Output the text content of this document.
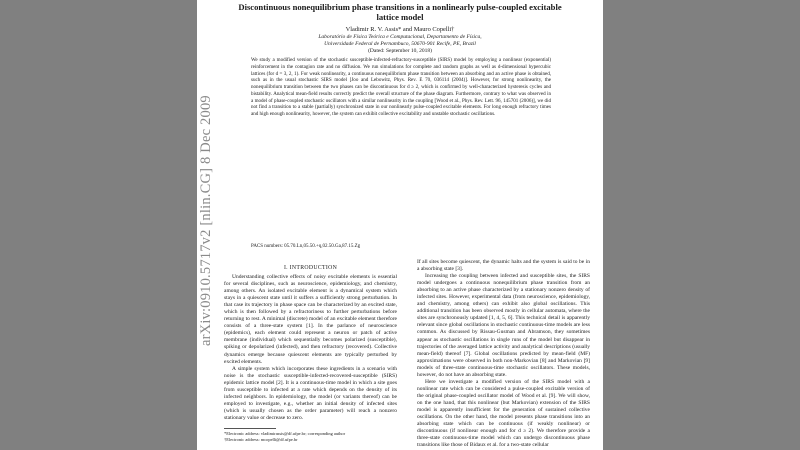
arXiv:0910.5717v2 [nlin.CG] 8 Dec 2009
Discontinuous nonequilibrium phase transitions in a nonlinearly pulse-coupled excitable lattice model
Vladimir R. V. Assis* and Mauro Copelli†
Laboratório de Física Teórica e Computacional, Departamento de Física,
Universidade Federal de Pernambuco, 50670-901 Recife, PE, Brazil
(Dated: September 10, 2018)
We study a modified version of the stochastic susceptible-infected-refractory-susceptible (SIRS) model by employing a nonlinear (exponential) reinforcement in the contagion rate and no diffusion. We run simulations for complete and random graphs as well as d-dimensional hypercubic lattices (for d = 3, 2, 1). For weak nonlinearity, a continuous nonequilibrium phase transition between an absorbing and an active phase is obtained, such as in the usual stochastic SIRS model [Joo and Lebowitz, Phys. Rev. E 70, 036114 (2004)]. However, for strong nonlinearity, the nonequilibrium transition between the two phases can be discontinuous for d ≥ 2, which is confirmed by well-characterized hysteresis cycles and bistability. Analytical mean-field results correctly predict the overall structure of the phase diagram. Furthermore, contrary to what was observed in a model of phase-coupled stochastic oscillators with a similar nonlinearity in the coupling [Wood et al., Phys. Rev. Lett. 96, 145701 (2006)], we did not find a transition to a stable (partially) synchronized state in our nonlinearly pulse-coupled excitable elements. For long enough refractory times and high enough nonlinearity, however, the system can exhibit collective excitability and unstable stochastic oscillations.
PACS numbers: 05.70.Ln,05.50.+q,02.50.Ga,87.15.Zg
I. INTRODUCTION

Understanding collective effects of noisy excitable elements is essential for several disciplines, such as neuroscience, epidemiology, and chemistry, among others. An isolated excitable element is a dynamical system which stays in a quiescent state until it suffers a sufficiently strong perturbation. In that case its trajectory in phase space can be characterized by an excited state, which is then followed by a refractoriness to further perturbations before returning to rest. A minimal (discrete) model of an excitable element therefore consists of a three-state system [1]. In the parlance of neuroscience (epidemics), each element could represent a neuron or patch of active membrane (individual) which sequentially becomes polarized (susceptible), spiking or depolarized (infected), and then refractory (recovered). Collective dynamics emerge because quiescent elements are typically perturbed by excited elements.

A simple system which incorporates these ingredients in a scenario with noise is the stochastic susceptible-infected-recovered-susceptible (SIRS) epidemic lattice model [2]. It is a continuous-time model in which a site goes from susceptible to infected at a rate which depends on the density of its infected neighbors. In epidemiology, the model (or variants thereof) can be employed to investigate, e.g., whether an initial density of infected sites (which is usually chosen as the order parameter) will reach a nonzero stationary value or decrease to zero.

If all sites become quiescent, the dynamic halts and the system is said to be in a absorbing state [3].

Increasing the coupling between infected and susceptible sites, the SIRS model undergoes a continuous nonequilibrium phase transition from an absorbing to an active phase characterized by a stationary nonzero density of infected sites. However, experimental data (from neuroscience, epidemiology, and chemistry, among others) can exhibit also global oscillations. This additional transition has been observed mostly in cellular automata, where the sites are synchronously updated [1, 4, 5, 6]. This technical detail is apparently relevant since global oscillations in stochastic continuous-time models are less common. As discussed by Rissau-Gusman and Abramson, they sometimes appear as stochastic oscillations in single runs of the model but disappear in trajectories of the averaged lattice activity and analytical descriptions (usually mean-field) thereof [7]. Global oscillations predicted by mean-field (MF) approximations were observed in both non-Markovian [8] and Markovian [9] models of three-state continuous-time stochastic oscillators. These models, however, do not have an absorbing state.

Here we investigate a modified version of the SIRS model with a nonlinear rate which can be considered a pulse-coupled excitable version of the original phase-coupled oscillator model of Wood et al. [9]. We will show, on the one hand, that this nonlinear (but Markovian) extension of the SIRS model is apparently insufficient for the generation of sustained collective oscillations. On the other hand, the model presents phase transitions into an absorbing state which can be continuous (if weakly nonlinear) or discontinuous (if nonlinear enough and for d ≥ 2). We therefore provide a three-state continuous-time model which can undergo discontinuous phase transitions like those of Bidaux et al. for a two-state cellular

*Electronic address: vladimirassis@df.ufpe.br; corresponding author
†Electronic address: mcopelli@df.ufpe.br
